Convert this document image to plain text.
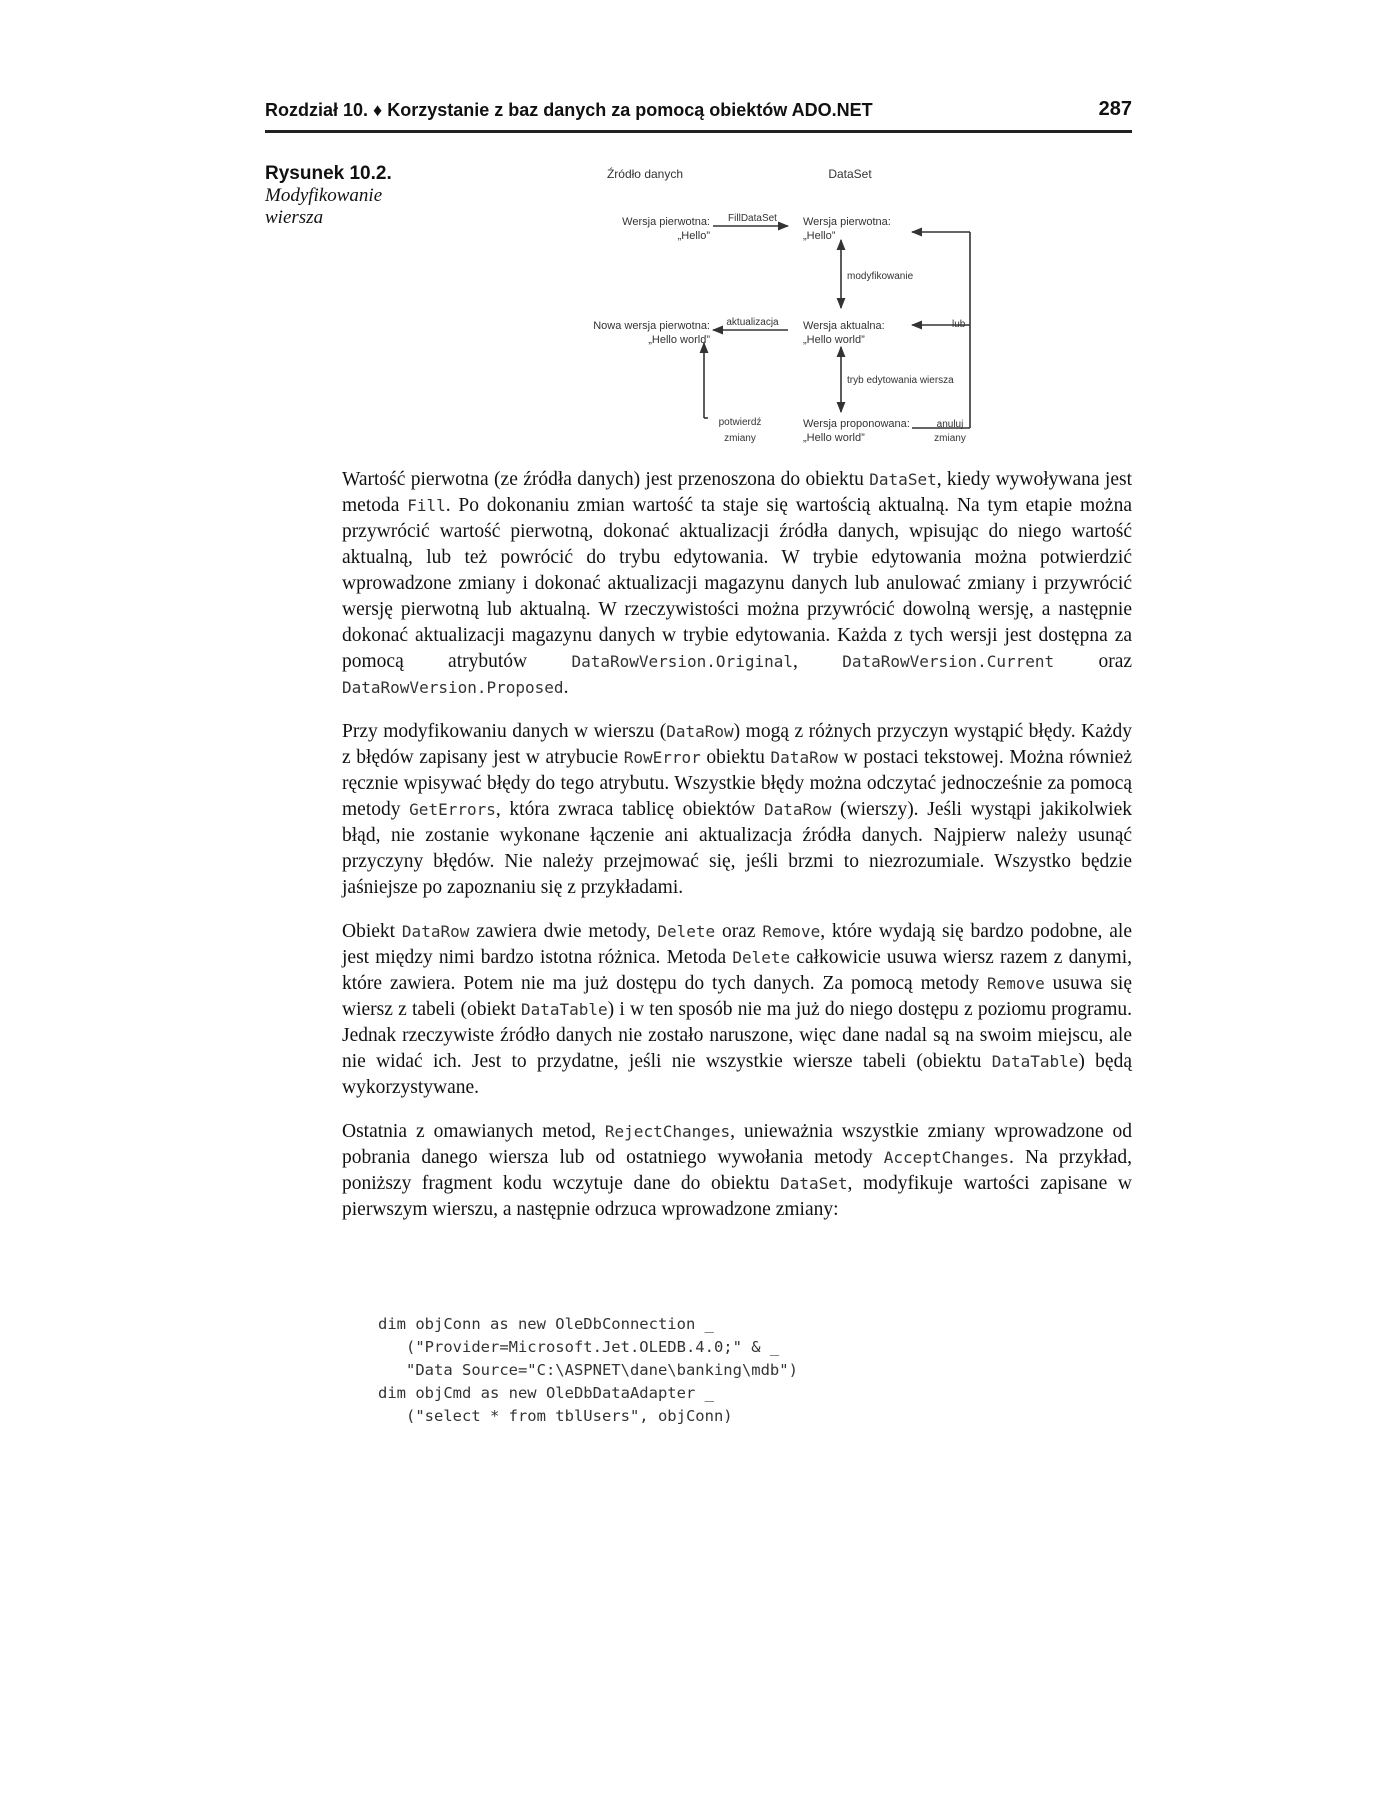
Rozdział 10. ♦ Korzystanie z baz danych za pomocą obiektów ADO.NET	287
Rysunek 10.2.
Modyfikowanie wiersza
Źródło danych	DataSet
Wersja pierwotna:
„Hello”
FillDataSet	Wersja pierwotna:
„Hello”
modyfikowanie
Nowa wersja pierwotna:
„Hello world”
aktualizacja	Wersja aktualna:
„Hello world”
lub
tryb edytowania wiersza
potwierdź
zmiany
Wersja proponowana:
„Hello world”
anuluj
zmiany

Wartość pierwotna (ze źródła danych) jest przenoszona do obiektu DataSet, kiedy wywoływana jest metoda Fill. Po dokonaniu zmian wartość ta staje się wartością aktualną. Na tym etapie można przywrócić wartość pierwotną, dokonać aktualizacji źródła danych, wpisując do niego wartość aktualną, lub też powrócić do trybu edytowania. W trybie edytowania można potwierdzić wprowadzone zmiany i dokonać aktualizacji magazynu danych lub anulować zmiany i przywrócić wersję pierwotną lub aktualną. W rzeczywistości można przywrócić dowolną wersję, a następnie dokonać aktualizacji magazynu danych w trybie edytowania. Każda z tych wersji jest dostępna za pomocą atrybutów DataRowVersion.Original, DataRowVersion.Current oraz DataRowVersion.Proposed.

Przy modyfikowaniu danych w wierszu (DataRow) mogą z różnych przyczyn wystąpić błędy. Każdy z błędów zapisany jest w atrybucie RowError obiektu DataRow w postaci tekstowej. Można również ręcznie wpisywać błędy do tego atrybutu. Wszystkie błędy można odczytać jednocześnie za pomocą metody GetErrors, która zwraca tablicę obiektów DataRow (wierszy). Jeśli wystąpi jakikolwiek błąd, nie zostanie wykonane łączenie ani aktualizacja źródła danych. Najpierw należy usunąć przyczyny błędów. Nie należy przejmować się, jeśli brzmi to niezrozumiale. Wszystko będzie jaśniejsze po zapoznaniu się z przykładami.

Obiekt DataRow zawiera dwie metody, Delete oraz Remove, które wydają się bardzo podobne, ale jest między nimi bardzo istotna różnica. Metoda Delete całkowicie usuwa wiersz razem z danymi, które zawiera. Potem nie ma już dostępu do tych danych. Za pomocą metody Remove usuwa się wiersz z tabeli (obiekt DataTable) i w ten sposób nie ma już do niego dostępu z poziomu programu. Jednak rzeczywiste źródło danych nie zostało naruszone, więc dane nadal są na swoim miejscu, ale nie widać ich. Jest to przydatne, jeśli nie wszystkie wiersze tabeli (obiektu DataTable) będą wykorzystywane.

Ostatnia z omawianych metod, RejectChanges, unieważnia wszystkie zmiany wprowadzone od pobrania danego wiersza lub od ostatniego wywołania metody AcceptChanges. Na przykład, poniższy fragment kodu wczytuje dane do obiektu DataSet, modyfikuje wartości zapisane w pierwszym wierszu, a następnie odrzuca wprowadzone zmiany:

dim objConn as new OleDbConnection _
("Provider=Microsoft.Jet.OLEDB.4.0;" & _
"Data Source="C:\ASPNET\dane\banking\mdb")
dim objCmd as new OleDbDataAdapter _
("select * from tblUsers", objConn)
